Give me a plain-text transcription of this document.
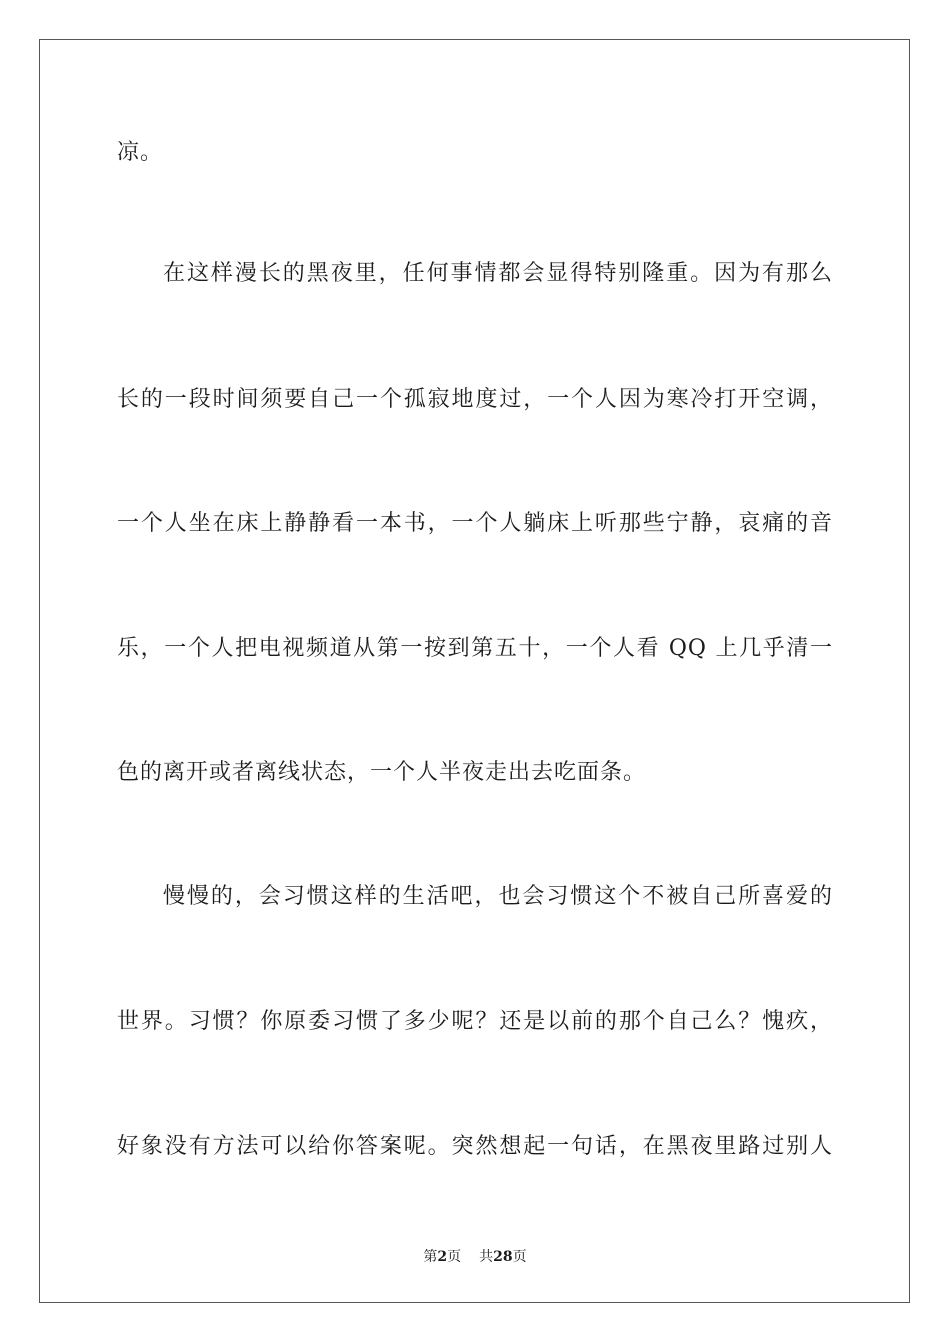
凉。
在这样漫长的黑夜里，任何事情都会显得特别隆重。因为有那么
长的一段时间须要自己一个孤寂地度过，一个人因为寒冷打开空调，
一个人坐在床上静静看一本书，一个人躺床上听那些宁静，哀痛的音
乐，一个人把电视频道从第一按到第五十，一个人看 QQ 上几乎清一
色的离开或者离线状态，一个人半夜走出去吃面条。
慢慢的，会习惯这样的生活吧，也会习惯这个不被自己所喜爱的
世界。习惯？你原委习惯了多少呢？还是以前的那个自己么？愧疚，
好象没有方法可以给你答案呢。突然想起一句话，在黑夜里路过别人
第2页 共28页
